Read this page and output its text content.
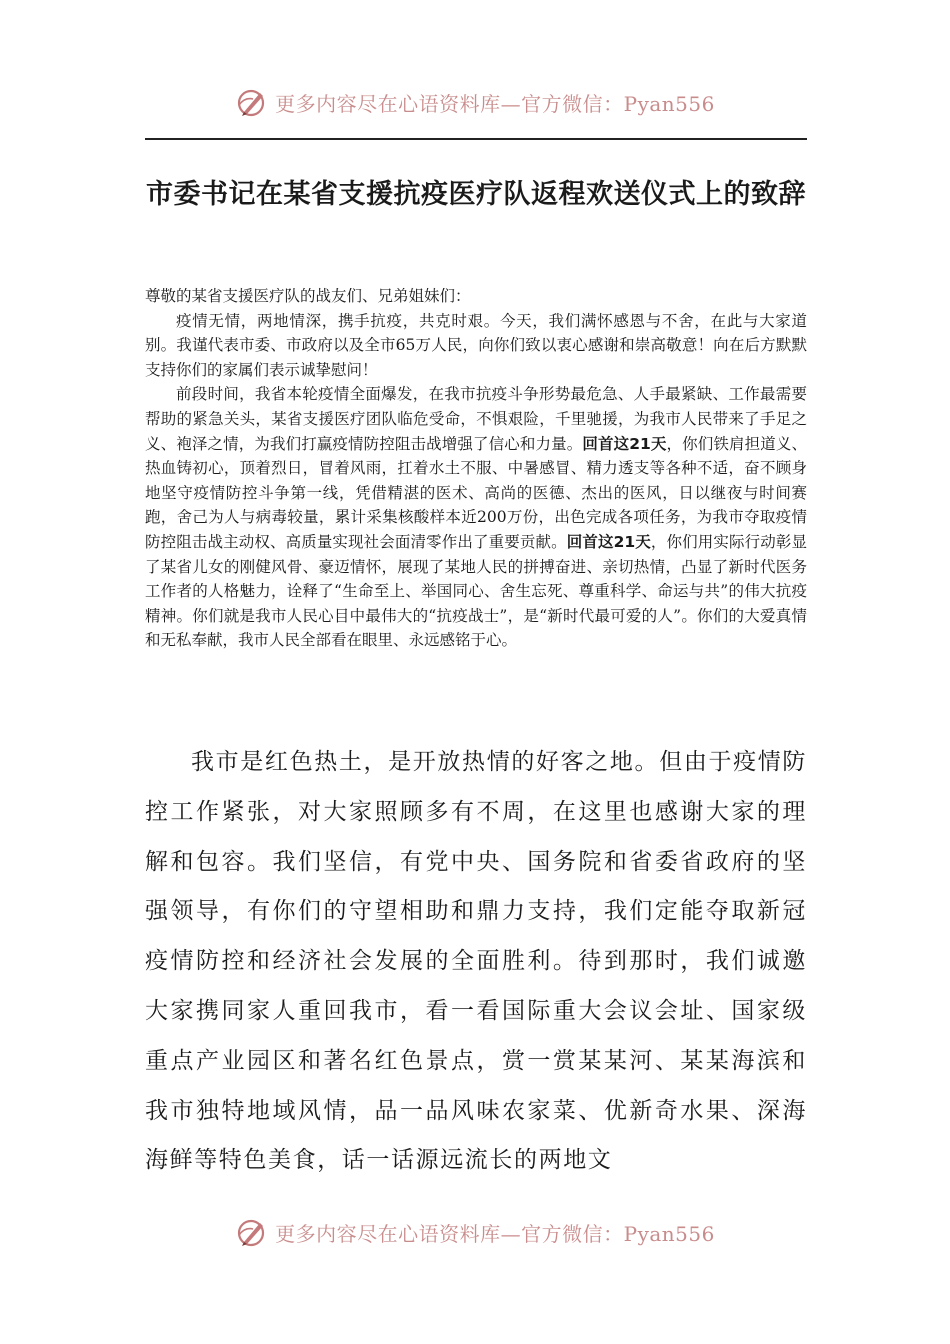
更多内容尽在心语资料库—官方微信：Pyan556
市委书记在某省支援抗疫医疗队返程欢送仪式上的致辞

尊敬的某省支援医疗队的战友们、兄弟姐妹们：

疫情无情，两地情深，携手抗疫，共克时艰。今天，我们满怀感恩与不舍，在此与大家道别。我谨代表市委、市政府以及全市65万人民，向你们致以衷心感谢和崇高敬意！向在后方默默支持你们的家属们表示诚挚慰问！

前段时间，我省本轮疫情全面爆发，在我市抗疫斗争形势最危急、人手最紧缺、工作最需要帮助的紧急关头，某省支援医疗团队临危受命，不惧艰险，千里驰援，为我市人民带来了手足之义、袍泽之情，为我们打赢疫情防控阻击战增强了信心和力量。回首这21天，你们铁肩担道义、热血铸初心，顶着烈日，冒着风雨，扛着水土不服、中暑感冒、精力透支等各种不适，奋不顾身地坚守疫情防控斗争第一线，凭借精湛的医术、高尚的医德、杰出的医风，日以继夜与时间赛跑，舍己为人与病毒较量，累计采集核酸样本近200万份，出色完成各项任务，为我市夺取疫情防控阻击战主动权、高质量实现社会面清零作出了重要贡献。回首这21天，你们用实际行动彰显了某省儿女的刚健风骨、豪迈情怀，展现了某地人民的拼搏奋进、亲切热情，凸显了新时代医务工作者的人格魅力，诠释了“生命至上、举国同心、舍生忘死、尊重科学、命运与共”的伟大抗疫精神。你们就是我市人民心目中最伟大的“抗疫战士”，是“新时代最可爱的人”。你们的大爱真情和无私奉献，我市人民全部看在眼里、永远感铭于心。

我市是红色热土，是开放热情的好客之地。但由于疫情防控工作紧张，对大家照顾多有不周，在这里也感谢大家的理解和包容。我们坚信，有党中央、国务院和省委省政府的坚强领导，有你们的守望相助和鼎力支持，我们定能夺取新冠疫情防控和经济社会发展的全面胜利。待到那时，我们诚邀大家携同家人重回我市，看一看国际重大会议会址、国家级重点产业园区和著名红色景点，赏一赏某某河、某某海滨和我市独特地域风情，品一品风味农家菜、优新奇水果、深海海鲜等特色美食，话一话源远流长的两地文

更多内容尽在心语资料库—官方微信：Pyan556
